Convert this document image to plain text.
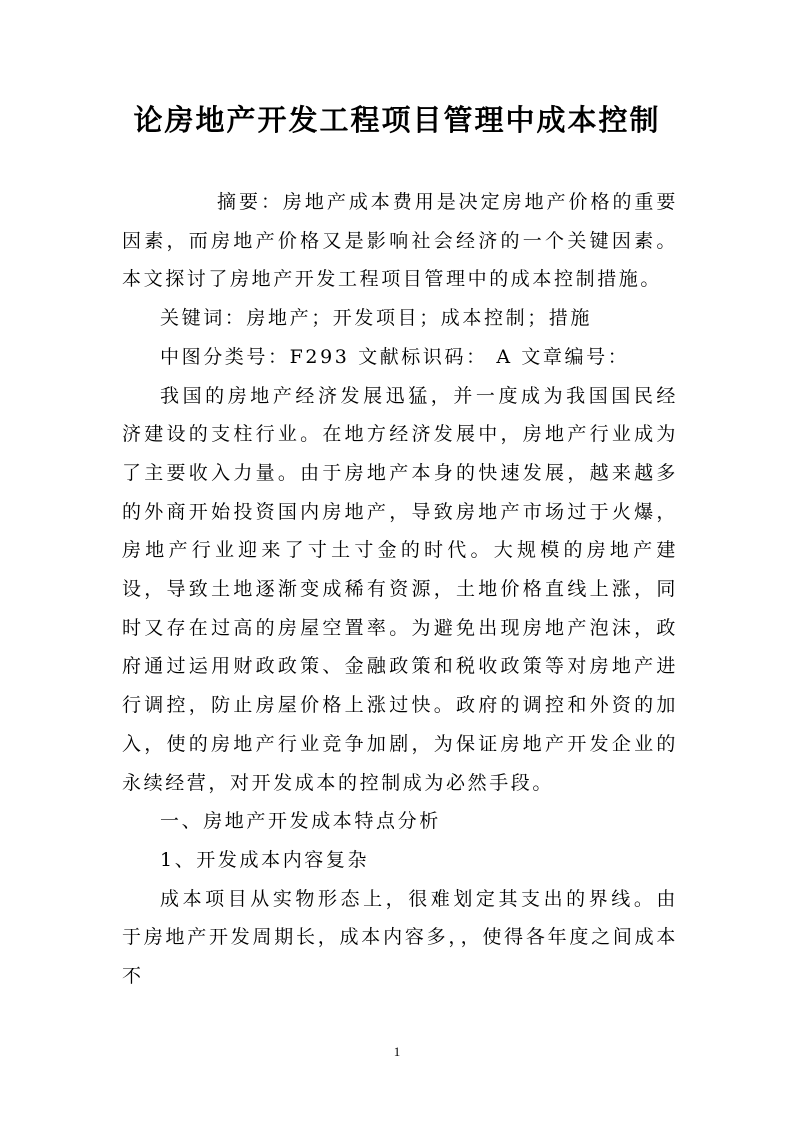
论房地产开发工程项目管理中成本控制

摘要：房地产成本费用是决定房地产价格的重要因素，而房地产价格又是影响社会经济的一个关键因素。本文探讨了房地产开发工程项目管理中的成本控制措施。

关键词：房地产；开发项目；成本控制；措施

中图分类号：F293 文献标识码： A 文章编号：

我国的房地产经济发展迅猛，并一度成为我国国民经济建设的支柱行业。在地方经济发展中，房地产行业成为了主要收入力量。由于房地产本身的快速发展，越来越多的外商开始投资国内房地产，导致房地产市场过于火爆，房地产行业迎来了寸土寸金的时代。大规模的房地产建设，导致土地逐渐变成稀有资源，土地价格直线上涨，同时又存在过高的房屋空置率。为避免出现房地产泡沫，政府通过运用财政政策、金融政策和税收政策等对房地产进行调控，防止房屋价格上涨过快。政府的调控和外资的加入，使的房地产行业竞争加剧，为保证房地产开发企业的永续经营，对开发成本的控制成为必然手段。

一、房地产开发成本特点分析

1、开发成本内容复杂

成本项目从实物形态上，很难划定其支出的界线。由于房地产开发周期长，成本内容多，，使得各年度之间成本不

1
